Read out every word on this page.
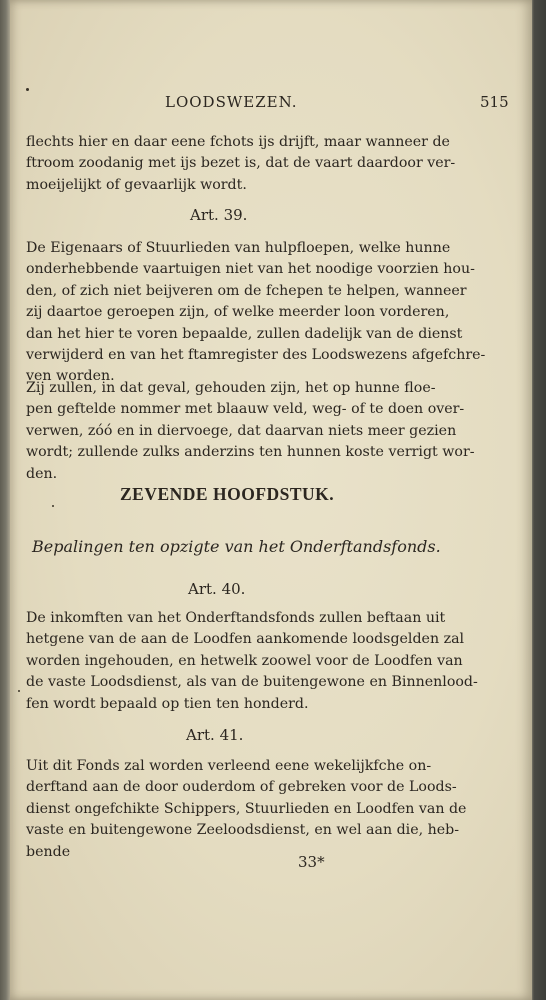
LOODSWEZEN.	515
flechts hier en daar eene fchots ijs drijft, maar wanneer de
ftroom zoodanig met ijs bezet is, dat de vaart daardoor ver-
moeijelijkt of gevaarlijk wordt.
Art. 39.
De Eigenaars of Stuurlieden van hulpfloepen, welke hunne
onderhebbende vaartuigen niet van het noodige voorzien hou-
den, of zich niet beijveren om de fchepen te helpen, wanneer
zij daartoe geroepen zijn, of welke meerder loon vorderen,
dan het hier te voren bepaalde, zullen dadelijk van de dienst
verwijderd en van het ftamregister des Loodswezens afgefchre-
ven worden.
Zij zullen, in dat geval, gehouden zijn, het op hunne floe-
pen geftelde nommer met blaauw veld, weg- of te doen over-
verwen, zóó en in diervoege, dat daarvan niets meer gezien
wordt; zullende zulks anderzins ten hunnen koste verrigt wor-
den.
ZEVENDE HOOFDSTUK.
Bepalingen ten opzigte van het Onderftandsfonds.
Art. 40.
De inkomften van het Onderftandsfonds zullen beftaan uit
hetgene van de aan de Loodfen aankomende loodsgelden zal
worden ingehouden, en hetwelk zoowel voor de Loodfen van
de vaste Loodsdienst, als van de buitengewone en Binnenlood-
fen wordt bepaald op tien ten honderd.
Art. 41.
Uit dit Fonds zal worden verleend eene wekelijkfche on-
derftand aan de door ouderdom of gebreken voor de Loods-
dienst ongefchikte Schippers, Stuurlieden en Loodfen van de
vaste en buitengewone Zeeloodsdienst, en wel aan die, heb-
bende
33*
